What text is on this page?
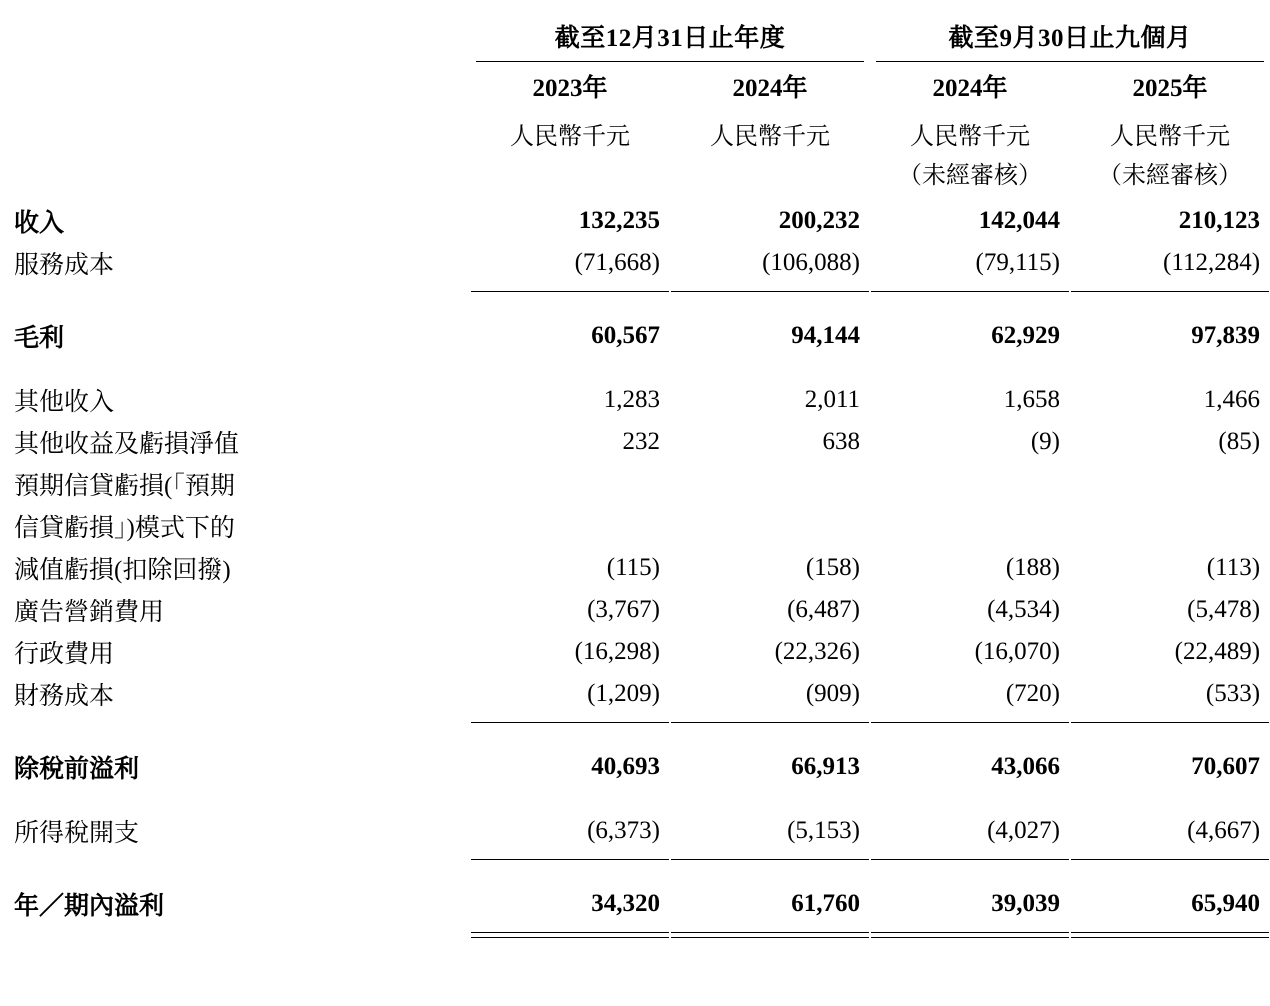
	截至12月31日止年度		截至9月30日止九個月	

	2023年	2024年	2024年	2025年
	人民幣千元	人民幣千元	人民幣千元	人民幣千元
			（未經審核）	（未經審核）
收入	132,235	200,232	142,044	210,123
服務成本	(71,668)	(106,088)	(79,115)	(112,284)

毛利	60,567	94,144	62,929	97,839

其他收入	1,283	2,011	1,658	1,466
其他收益及虧損淨值	232	638	(9)	(85)
預期信貸虧損(「預期				
信貸虧損」)模式下的				
減值虧損(扣除回撥)	(115)	(158)	(188)	(113)
廣告營銷費用	(3,767)	(6,487)	(4,534)	(5,478)
行政費用	(16,298)	(22,326)	(16,070)	(22,489)
財務成本	(1,209)	(909)	(720)	(533)

除稅前溢利	40,693	66,913	43,066	70,607

所得稅開支	(6,373)	(5,153)	(4,027)	(4,667)

年／期內溢利	34,320	61,760	39,039	65,940
